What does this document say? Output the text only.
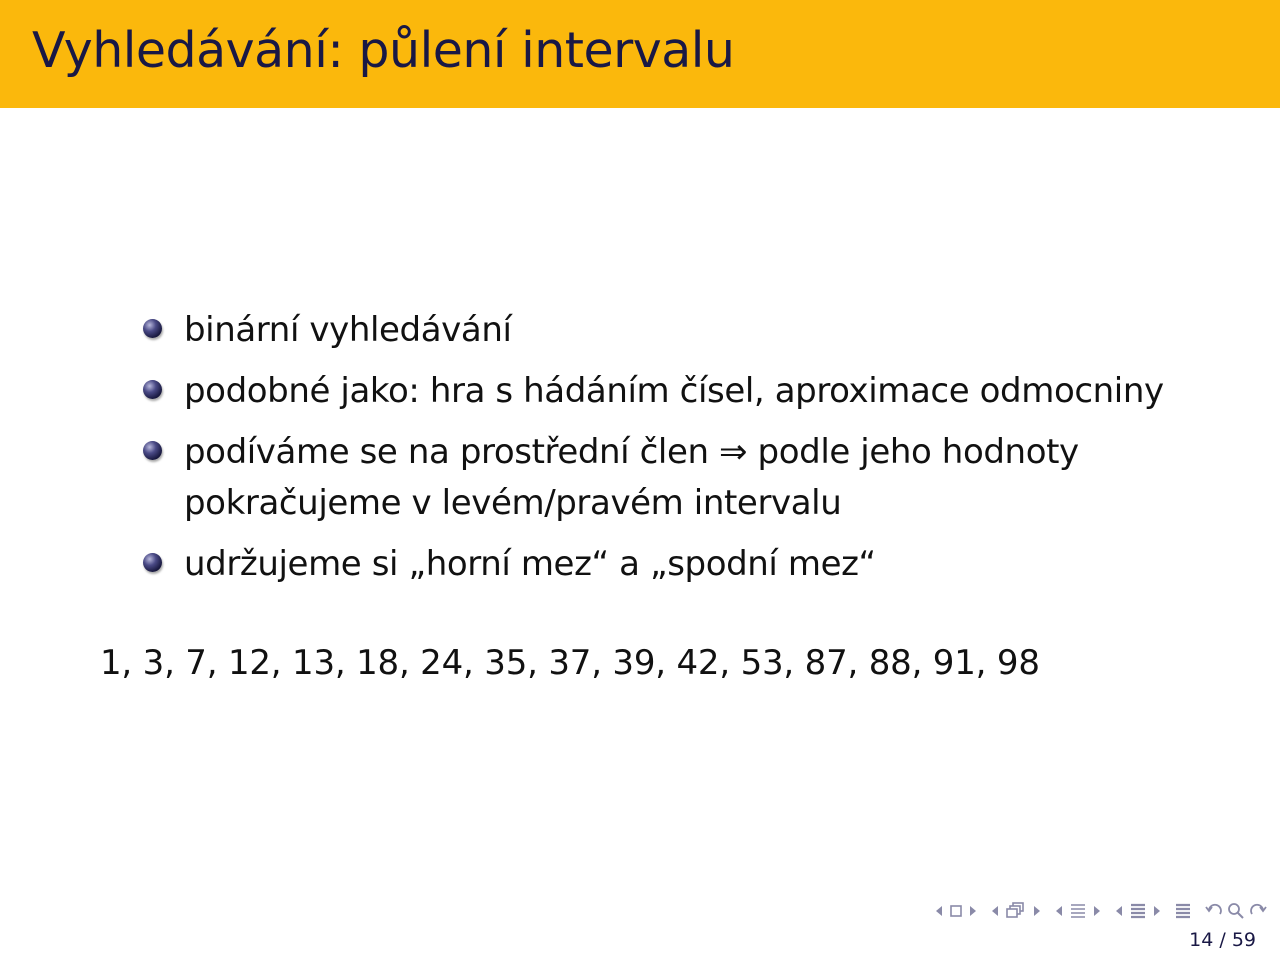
Vyhledávání: půlení intervalu
binární vyhledávání
podobné jako: hra s hádáním čísel, aproximace odmocniny
podíváme se na prostřední člen ⇒ podle jeho hodnoty
pokračujeme v levém/pravém intervalu
udržujeme si „horní mez“ a „spodní mez“

1, 3, 7, 12, 13, 18, 24, 35, 37, 39, 42, 53, 87, 88, 91, 98

14 / 59
